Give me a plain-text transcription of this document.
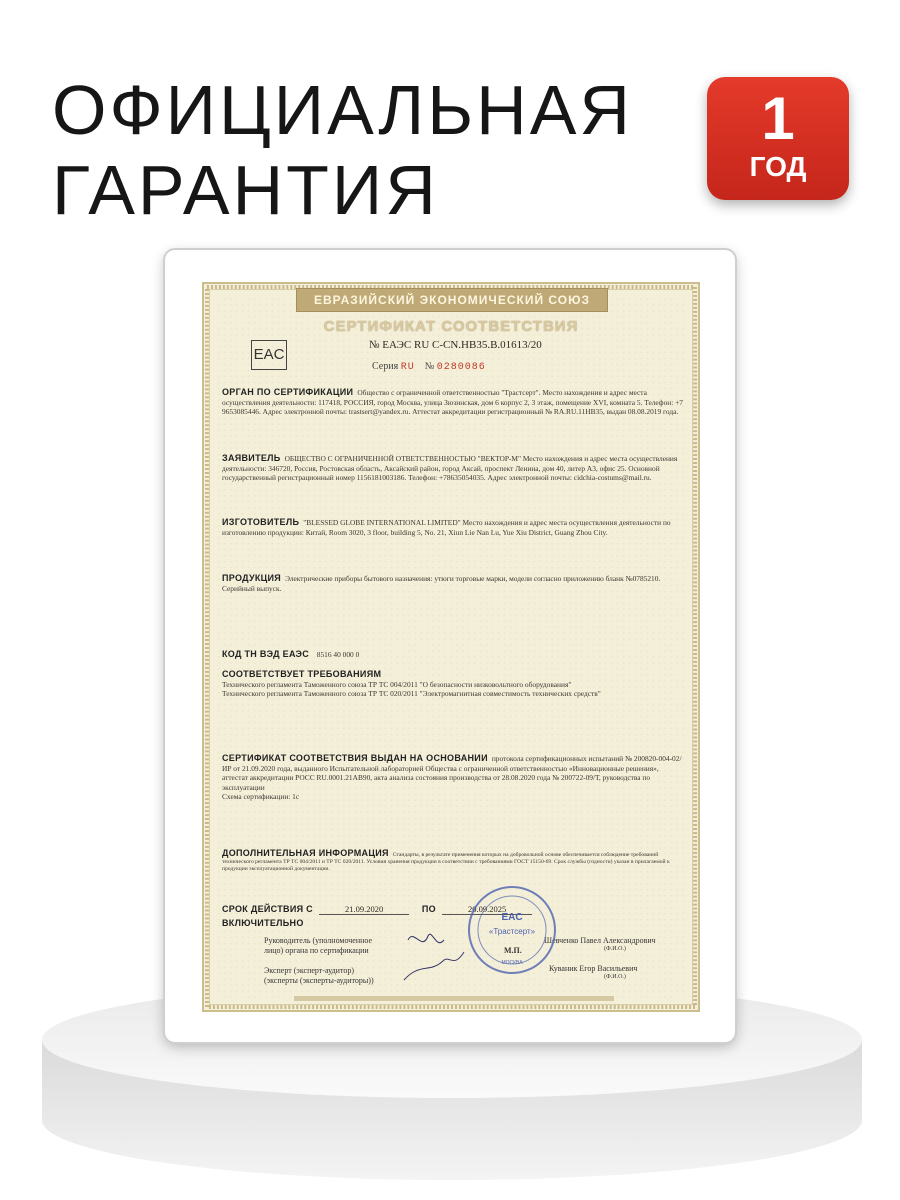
ОФИЦИАЛЬНАЯ
ГАРАНТИЯ
1
ГОД
ЕВРАЗИЙСКИЙ ЭКОНОМИЧЕСКИЙ СОЮЗ
СЕРТИФИКАТ СООТВЕТСТВИЯ
EAC
№ ЕАЭС RU С-CN.НВ35.В.01613/20
Серия RU № 0280086
ОРГАН ПО СЕРТИФИКАЦИИ Общество с ограниченной ответственностью "Трастсерт". Место нахождения и адрес места осуществления деятельности: 117418, РОССИЯ, город Москва, улица Зюзинская, дом 6 корпус 2, 3 этаж, помещение XVI, комната 5. Телефон: +7 9653085446. Адрес электронной почты: trastsert@yandex.ru. Аттестат аккредитации регистрационный № RA.RU.11НВ35, выдан 08.08.2019 года.
ЗАЯВИТЕЛЬ ОБЩЕСТВО С ОГРАНИЧЕННОЙ ОТВЕТСТВЕННОСТЬЮ "ВЕКТОР-М" Место нахождения и адрес места осуществления деятельности: 346720, Россия, Ростовская область, Аксайский район, город Аксай, проспект Ленина, дом 40, литер А3, офис 25. Основной государственный регистрационный номер 1156181003186. Телефон: +78635054035. Адрес электронной почты: cidchia-costums@mail.ru.
ИЗГОТОВИТЕЛЬ "BLESSED GLOBE INTERNATIONAL LIMITED" Место нахождения и адрес места осуществления деятельности по изготовлению продукции: Китай, Room 3020, 3 floor, building 5, No. 21, Xiun Lie Nan Lu, Yue Xiu District, Guang Zhou City.
ПРОДУКЦИЯ Электрические приборы бытового назначения: утюги торговые марки, модели согласно приложению бланк №0785210.
Серийный выпуск.
КОД ТН ВЭД ЕАЭС 8516 40 000 0
СООТВЕТСТВУЕТ ТРЕБОВАНИЯМ
Технического регламента Таможенного союза ТР ТС 004/2011 "О безопасности низковольтного оборудования"
Технического регламента Таможенного союза ТР ТС 020/2011 "Электромагнитная совместимость технических средств"
СЕРТИФИКАТ СООТВЕТСТВИЯ ВЫДАН НА ОСНОВАНИИ протокола сертификационных испытаний № 200820-004-02/ИР от 21.09.2020 года, выданного Испытательной лабораторией Общества с ограниченной ответственностью «Инновационные решения», аттестат аккредитации РОСС RU.0001.21АВ90, акта анализа состояния производства от 28.08.2020 года № 200722-09/Т, руководства по эксплуатации
Схема сертификации: 1с
ДОПОЛНИТЕЛЬНАЯ ИНФОРМАЦИЯ Стандарты, в результате применения которых на добровольной основе обеспечивается соблюдение требований технического регламента ТР ТС 004/2011 и ТР ТС 020/2011. Условия хранения продукции в соответствии с требованиями ГОСТ 15150-69. Срок службы (годности) указан в прилагаемой к продукции эксплуатационной документации.
СРОК ДЕЙСТВИЯ С	21.09.2020	ПО	20.09.2025
ВКЛЮЧИТЕЛЬНО
Руководитель (уполномоченное
лицо) органа по сертификации
Шевченко Павел Александрович
(Ф.И.О.)
М.П.
Эксперт (эксперт-аудитор)
(эксперты (эксперты-аудиторы))
Куваник Егор Васильевич
(Ф.И.О.)
EAC
«Трастсерт»
МОСКВА
